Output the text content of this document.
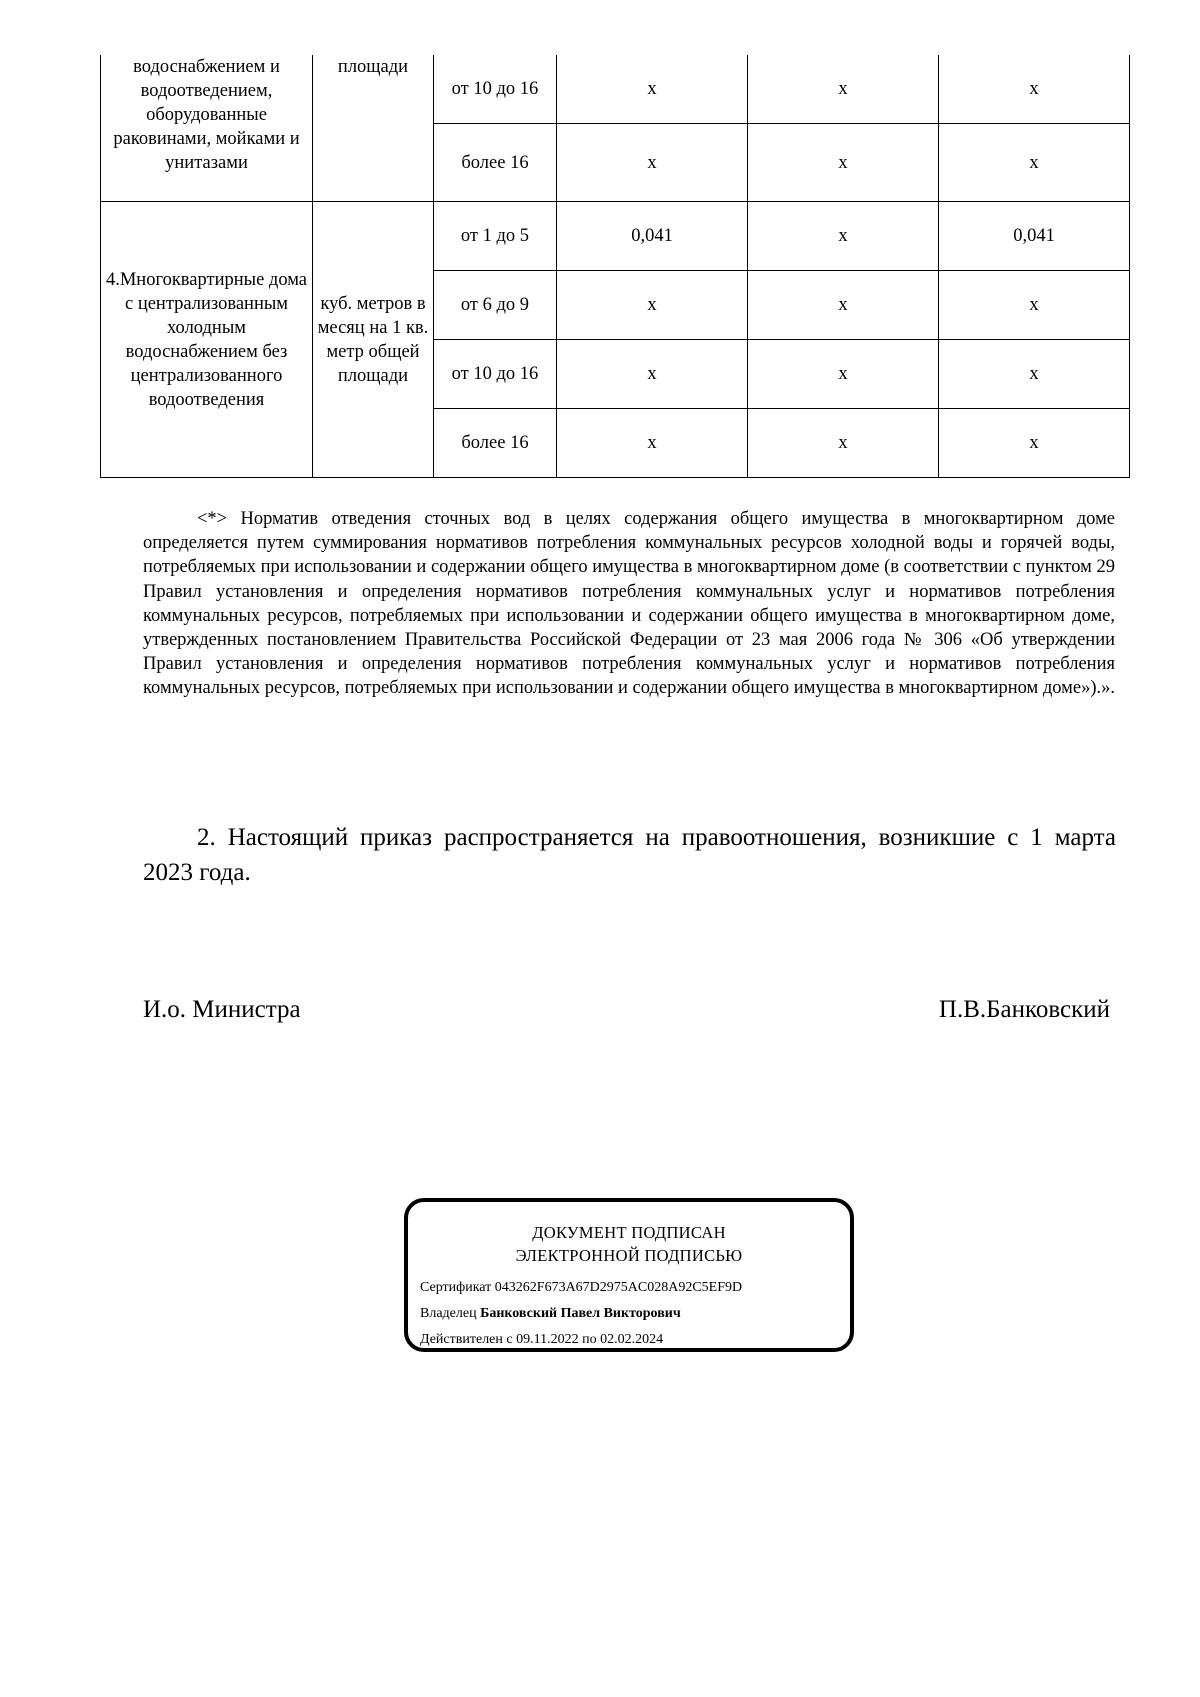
водоснабжением и водоотведением, оборудованные раковинами, мойками и унитазами	площади	от 10 до 16	х	х	х
		более 16	х	х	х
4.Многоквартирные дома с централизованным холодным водоснабжением без централизованного водоотведения	куб. метров в месяц на 1 кв. метр общей площади	от 1 до 5	0,041	х	0,041
		от 6 до 9	х	х	х
		от 10 до 16	х	х	х
		более 16	х	х	х

<*> Норматив отведения сточных вод в целях содержания общего имущества в многоквартирном доме определяется путем суммирования нормативов потребления коммунальных ресурсов холодной воды и горячей воды, потребляемых при использовании и содержании общего имущества в многоквартирном доме (в соответствии с пунктом 29 Правил установления и определения нормативов потребления коммунальных услуг и нормативов потребления коммунальных ресурсов, потребляемых при использовании и содержании общего имущества в многоквартирном доме, утвержденных постановлением Правительства Российской Федерации от 23 мая 2006 года № 306 «Об утверждении Правил установления и определения нормативов потребления коммунальных услуг и нормативов потребления коммунальных ресурсов, потребляемых при использовании и содержании общего имущества в многоквартирном доме»).».

2. Настоящий приказ распространяется на правоотношения, возникшие с 1 марта 2023 года.

И.о. Министра	П.В.Банковский
ДОКУМЕНТ ПОДПИСАН
ЭЛЕКТРОННОЙ ПОДПИСЬЮ
Сертификат 043262F673A67D2975AC028A92C5EF9D
Владелец Банковский Павел Викторович
Действителен с 09.11.2022 по 02.02.2024
